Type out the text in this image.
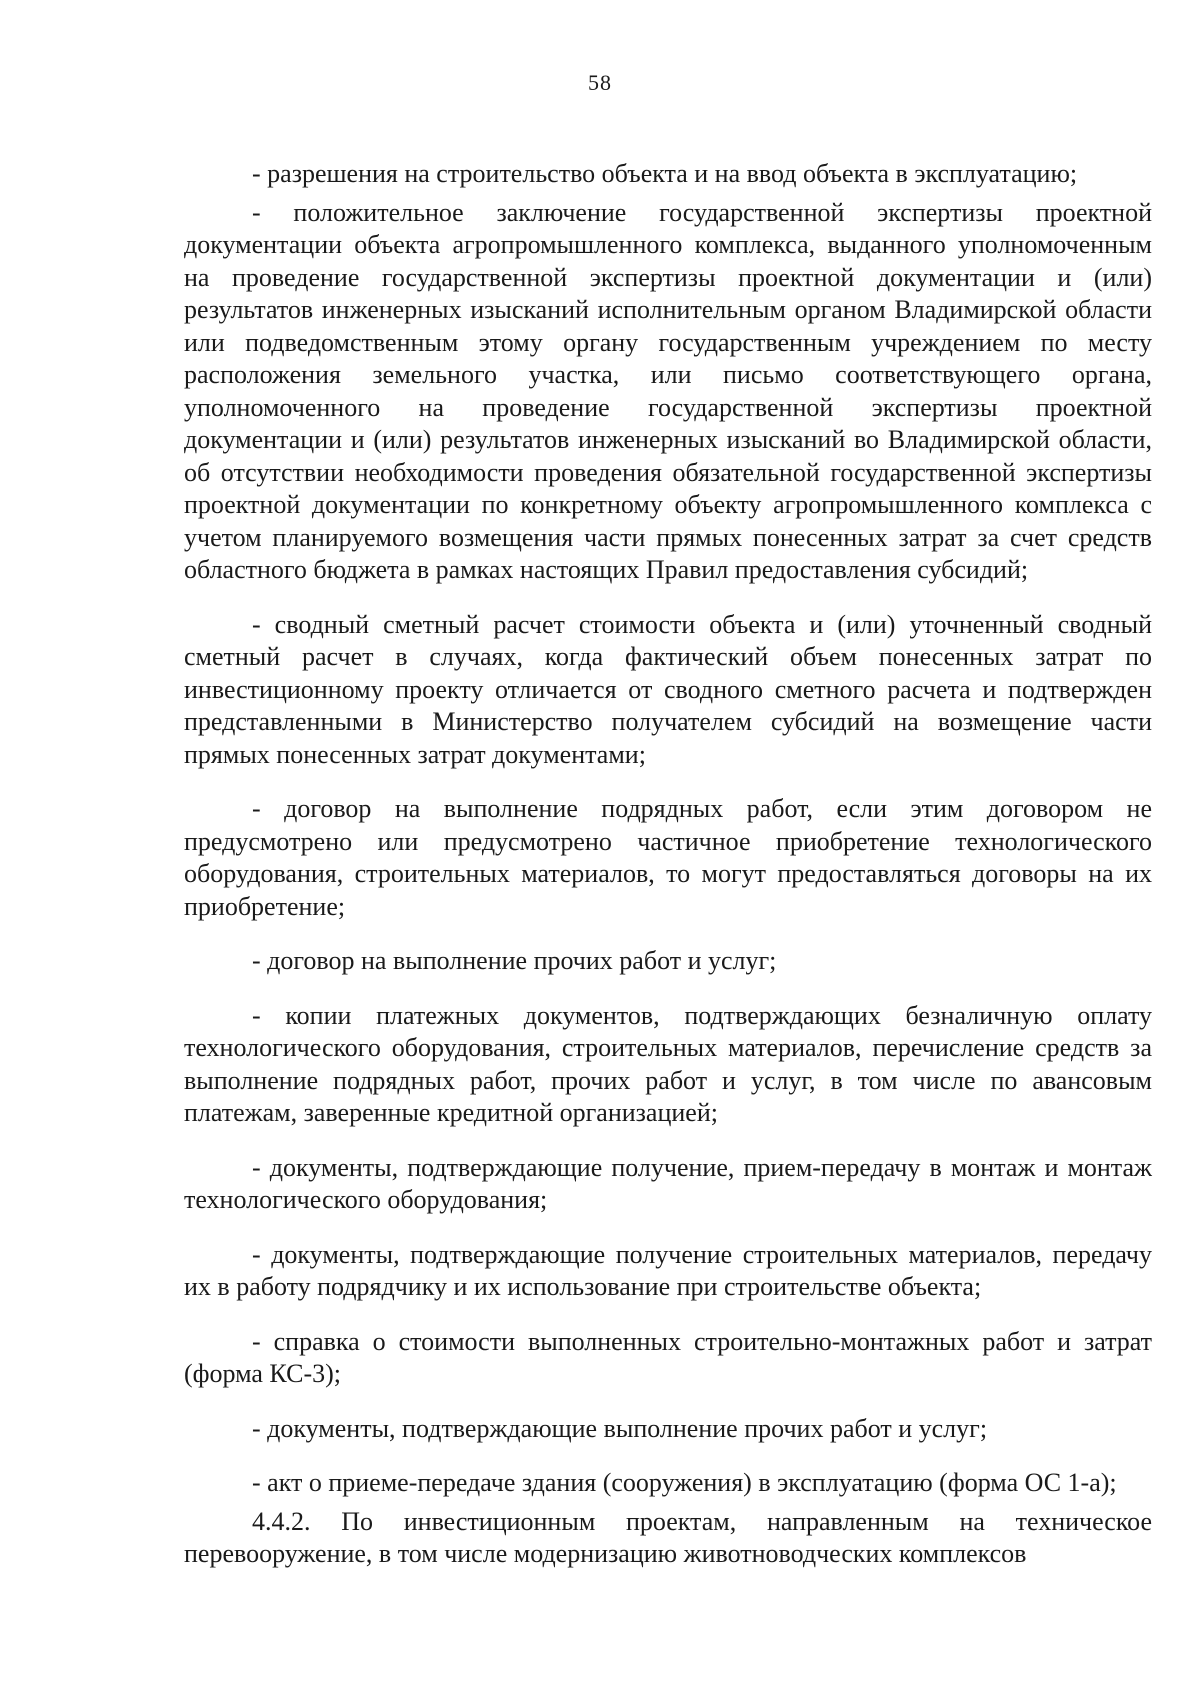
58

- разрешения на строительство объекта и на ввод объекта в эксплуатацию;

- положительное заключение государственной экспертизы проектной документации объекта агропромышленного комплекса, выданного уполномоченным на проведение государственной экспертизы проектной документации и (или) результатов инженерных изысканий исполнительным органом Владимирской области или подведомственным этому органу государственным учреждением по месту расположения земельного участка, или письмо соответствующего органа, уполномоченного на проведение государственной экспертизы проектной документации и (или) результатов инженерных изысканий во Владимирской области, об отсутствии необходимости проведения обязательной государственной экспертизы проектной документации по конкретному объекту агропромышленного комплекса с учетом планируемого возмещения части прямых понесенных затрат за счет средств областного бюджета в рамках настоящих Правил предоставления субсидий;

- сводный сметный расчет стоимости объекта и (или) уточненный сводный сметный расчет в случаях, когда фактический объем понесенных затрат по инвестиционному проекту отличается от сводного сметного расчета и подтвержден представленными в Министерство получателем субсидий на возмещение части прямых понесенных затрат документами;

- договор на выполнение подрядных работ, если этим договором не предусмотрено или предусмотрено частичное приобретение технологического оборудования, строительных материалов, то могут предоставляться договоры на их приобретение;

- договор на выполнение прочих работ и услуг;

- копии платежных документов, подтверждающих безналичную оплату технологического оборудования, строительных материалов, перечисление средств за выполнение подрядных работ, прочих работ и услуг, в том числе по авансовым платежам, заверенные кредитной организацией;

- документы, подтверждающие получение, прием-передачу в монтаж и монтаж технологического оборудования;

- документы, подтверждающие получение строительных материалов, передачу их в работу подрядчику и их использование при строительстве объекта;

- справка о стоимости выполненных строительно-монтажных работ и затрат (форма КС-3);

- документы, подтверждающие выполнение прочих работ и услуг;

- акт о приеме-передаче здания (сооружения) в эксплуатацию (форма ОС 1-а);

4.4.2. По инвестиционным проектам, направленным на техническое перевооружение, в том числе модернизацию животноводческих комплексов
